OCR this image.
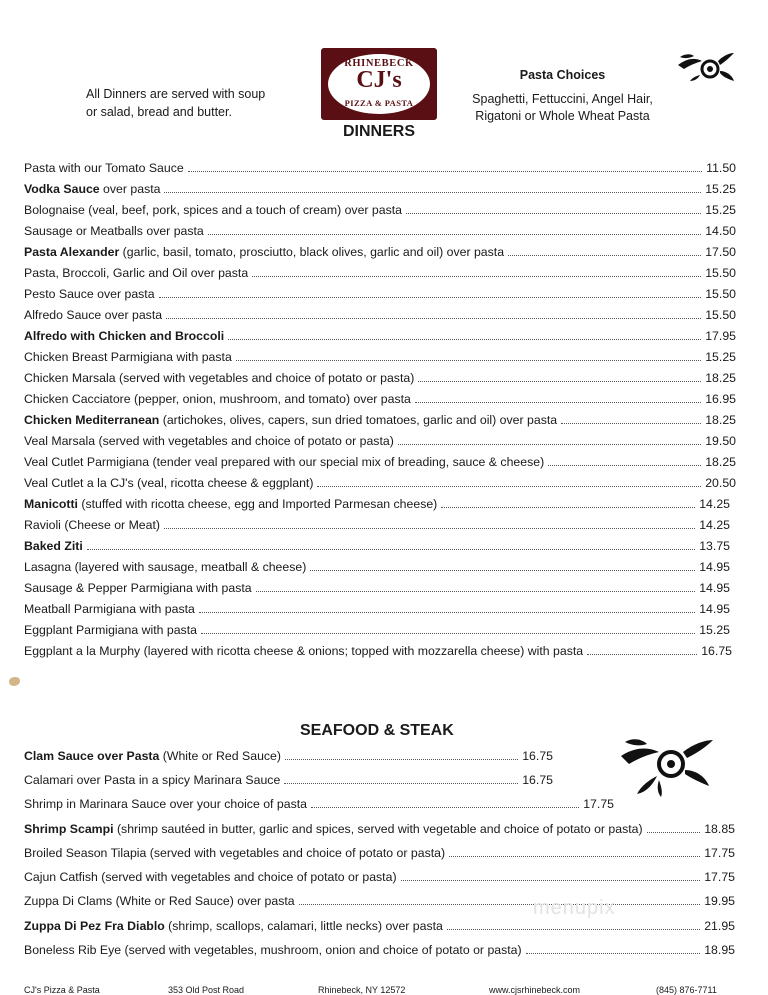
All Dinners are served with soup
or salad, bread and butter.
RHINEBECK
CJ's
PIZZA & PASTA
DINNERS
Pasta Choices
Spaghetti, Fettuccini, Angel Hair,
Rigatoni or Whole Wheat Pasta
Pasta with our Tomato Sauce	11.50
Vodka Sauce over pasta	15.25
Bolognaise (veal, beef, pork, spices and a touch of cream) over pasta	15.25
Sausage or Meatballs over pasta	14.50
Pasta Alexander (garlic, basil, tomato, prosciutto, black olives, garlic and oil) over pasta	17.50
Pasta, Broccoli, Garlic and Oil over pasta	15.50
Pesto Sauce over pasta	15.50
Alfredo Sauce over pasta	15.50
Alfredo with Chicken and Broccoli	17.95
Chicken Breast Parmigiana with pasta	15.25
Chicken Marsala (served with vegetables and choice of potato or pasta)	18.25
Chicken Cacciatore (pepper, onion, mushroom, and tomato) over pasta	16.95
Chicken Mediterranean (artichokes, olives, capers, sun dried tomatoes, garlic and oil) over pasta	18.25
Veal Marsala (served with vegetables and choice of potato or pasta)	19.50
Veal Cutlet Parmigiana (tender veal prepared with our special mix of breading, sauce & cheese)	18.25
Veal Cutlet a la CJ's (veal, ricotta cheese & eggplant)	20.50
Manicotti (stuffed with ricotta cheese, egg and Imported Parmesan cheese)	14.25
Ravioli (Cheese or Meat)	14.25
Baked Ziti	13.75
Lasagna (layered with sausage, meatball & cheese)	14.95
Sausage & Pepper Parmigiana with pasta	14.95
Meatball Parmigiana with pasta	14.95
Eggplant Parmigiana with pasta	15.25
Eggplant a la Murphy (layered with ricotta cheese & onions; topped with mozzarella cheese) with pasta	16.75
SEAFOOD & STEAK
Clam Sauce over Pasta (White or Red Sauce)	16.75
Calamari over Pasta in a spicy Marinara Sauce	16.75
Shrimp in Marinara Sauce over your choice of pasta	17.75
Shrimp Scampi (shrimp sautéed in butter, garlic and spices, served with vegetable and choice of potato or pasta)	18.85
Broiled Season Tilapia (served with vegetables and choice of potato or pasta)	17.75
Cajun Catfish (served with vegetables and choice of potato or pasta)	17.75
Zuppa Di Clams (White or Red Sauce) over pasta	19.95
Zuppa Di Pez Fra Diablo (shrimp, scallops, calamari, little necks) over pasta	21.95
Boneless Rib Eye (served with vegetables, mushroom, onion and choice of potato or pasta)	18.95
menupix
CJ's Pizza & Pasta	353 Old Post Road	Rhinebeck, NY 12572	www.cjsrhinebeck.com	(845) 876-7711
